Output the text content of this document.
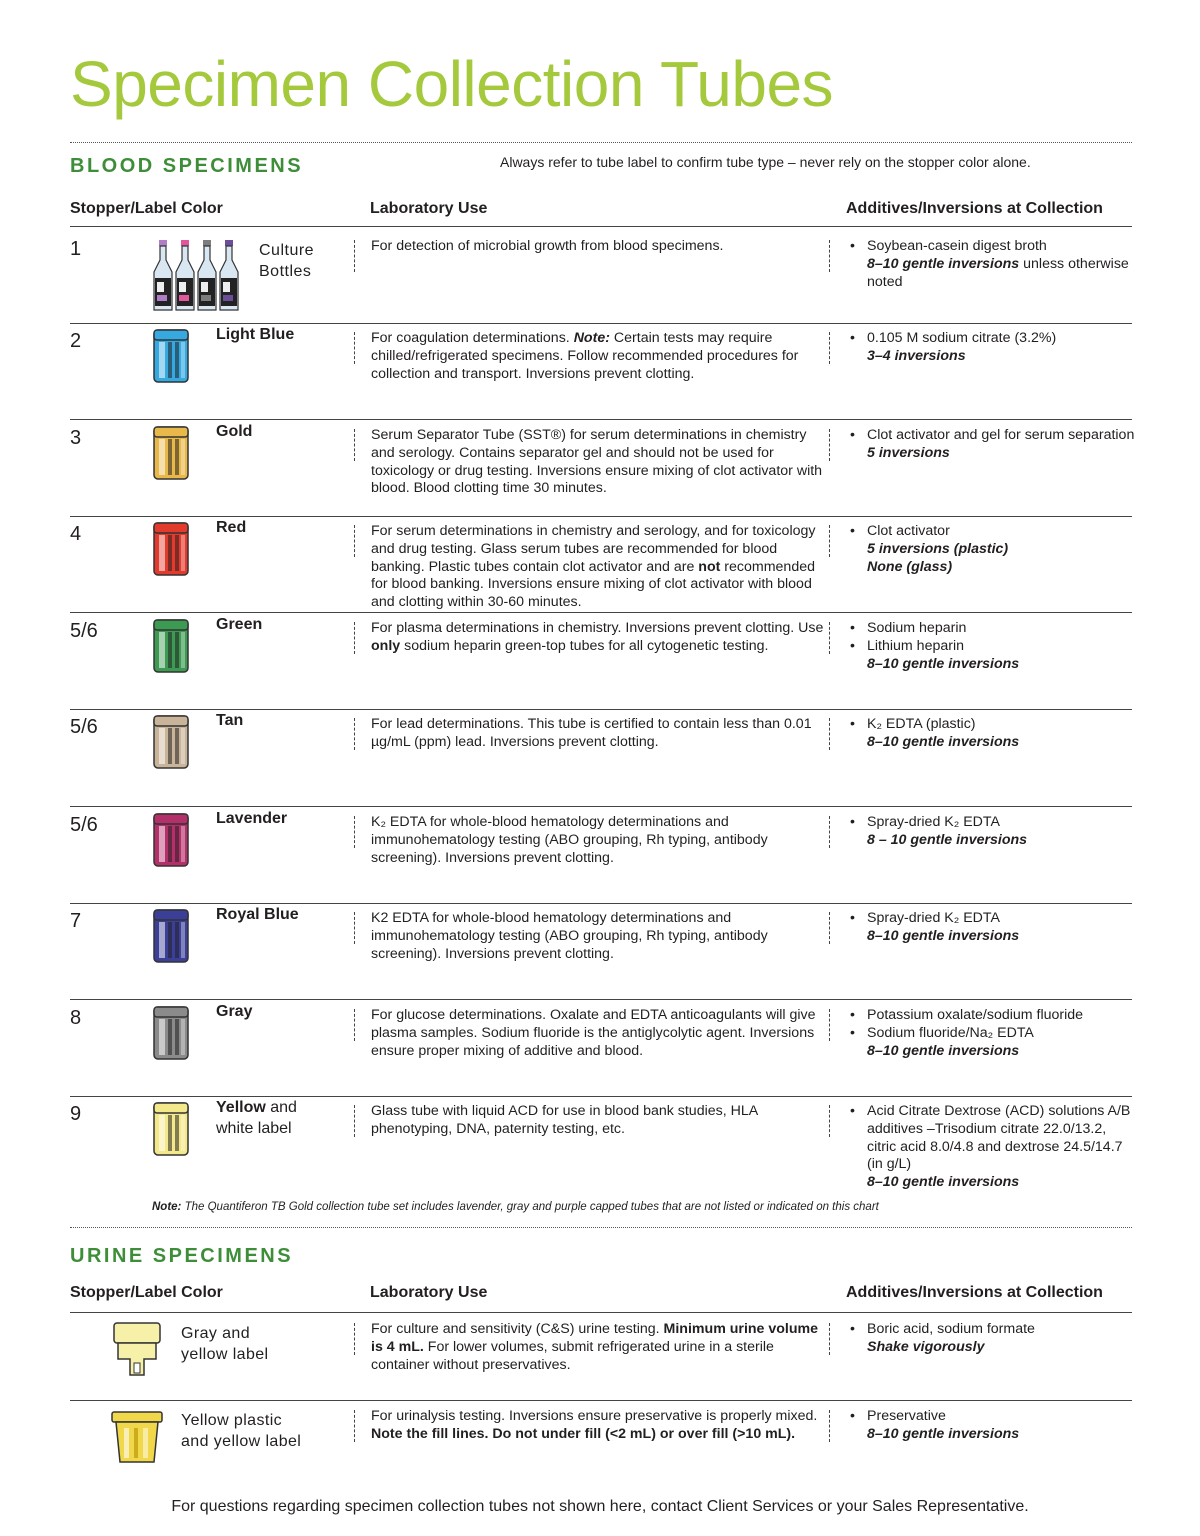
Specimen Collection Tubes
BLOOD SPECIMENS	Always refer to tube label to confirm tube type – never rely on the stopper color alone.
Stopper/Label Color	Laboratory Use	Additives/Inversions at Collection
1	Culture
Bottles
For detection of microbial growth from blood specimens.
•	Soybean-casein digest broth
8–10 gentle inversions unless otherwise noted
2	Light Blue	For coagulation determinations. Note: Certain tests may require chilled/refrigerated specimens. Follow recommended procedures for collection and transport. Inversions prevent clotting.
• 0.105 M sodium citrate (3.2%)
3–4 inversions
3	Gold	Serum Separator Tube (SST®) for serum determinations in chemistry and serology. Contains separator gel and should not be used for toxicology or drug testing. Inversions ensure mixing of clot activator with blood. Blood clotting time 30 minutes.
• Clot activator and gel for serum separation
5 inversions
4	Red	For serum determinations in chemistry and serology, and for toxicology and drug testing. Glass serum tubes are recommended for blood banking. Plastic tubes contain clot activator and are not recommended for blood banking. Inversions ensure mixing of clot activator with blood and clotting within 30-60 minutes.
• Clot activator
5 inversions (plastic)
None (glass)
5/6	Green	For plasma determinations in chemistry. Inversions prevent clotting. Use only sodium heparin green-top tubes for all cytogenetic testing.
• Sodium heparin
• Lithium heparin
8–10 gentle inversions
5/6	Tan	For lead determinations. This tube is certified to contain less than 0.01 µg/mL (ppm) lead. Inversions prevent clotting.
• K₂ EDTA (plastic)
8–10 gentle inversions
5/6	Lavender	K₂ EDTA for whole-blood hematology determinations and immunohematology testing (ABO grouping, Rh typing, antibody screening). Inversions prevent clotting.
• Spray-dried K₂ EDTA
8 – 10 gentle inversions
7	Royal Blue	K2 EDTA for whole-blood hematology determinations and immunohematology testing (ABO grouping, Rh typing, antibody screening). Inversions prevent clotting.
• Spray-dried K₂ EDTA
8–10 gentle inversions
8	Gray	For glucose determinations. Oxalate and EDTA anticoagulants will give plasma samples. Sodium fluoride is the antiglycolytic agent. Inversions ensure proper mixing of additive and blood.
• Potassium oxalate/sodium fluoride
• Sodium fluoride/Na₂ EDTA
8–10 gentle inversions
9	Yellow and
white label
Glass tube with liquid ACD for use in blood bank studies, HLA phenotyping, DNA, paternity testing, etc.
• Acid Citrate Dextrose (ACD) solutions A/B additives –Trisodium citrate 22.0/13.2, citric acid 8.0/4.8 and dextrose 24.5/14.7 (in g/L)
8–10 gentle inversions
Note: The Quantiferon TB Gold collection tube set includes lavender, gray and purple capped tubes that are not listed or indicated on this chart
URINE SPECIMENS
Stopper/Label Color	Laboratory Use	Additives/Inversions at Collection
Gray and
yellow label
For culture and sensitivity (C&S) urine testing. Minimum urine volume is 4 mL. For lower volumes, submit refrigerated urine in a sterile container without preservatives.
• Boric acid, sodium formate
Shake vigorously
Yellow plastic
and yellow label
For urinalysis testing. Inversions ensure preservative is properly mixed. Note the fill lines. Do not under fill (<2 mL) or over fill (>10 mL).
• Preservative
8–10 gentle inversions
For questions regarding specimen collection tubes not shown here, contact Client Services or your Sales Representative.
